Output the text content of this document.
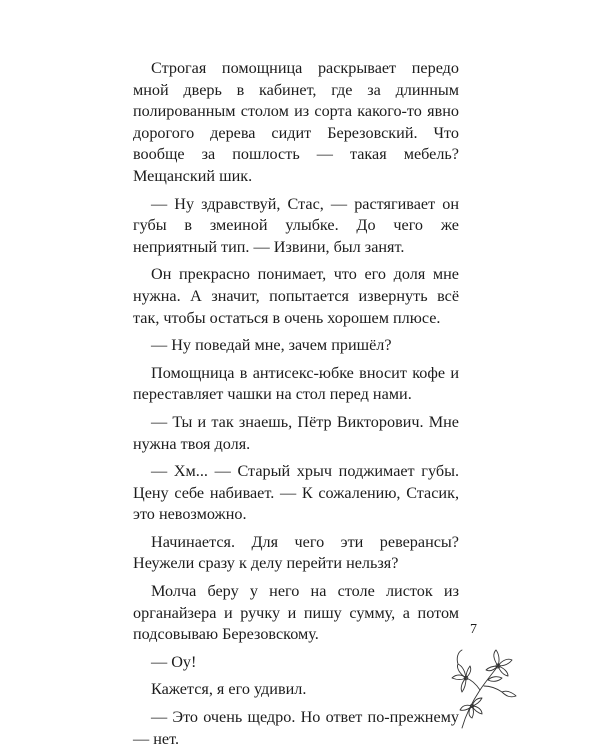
Строгая помощница раскрывает передо мной дверь в кабинет, где за длинным полированным столом из сорта какого-то явно дорогого дерева сидит Березовский. Что вообще за пошлость — такая мебель? Мещанский шик.

— Ну здравствуй, Стас, — растягивает он губы в змеиной улыбке. До чего же неприятный тип. — Извини, был занят.

Он прекрасно понимает, что его доля мне нужна. А значит, попытается извернуть всё так, чтобы остаться в очень хорошем плюсе.

— Ну поведай мне, зачем пришёл?

Помощница в антисекс-юбке вносит кофе и переставляет чашки на стол перед нами.

— Ты и так знаешь, Пётр Викторович. Мне нужна твоя доля.

— Хм... — Старый хрыч поджимает губы. Цену себе набивает. — К сожалению, Стасик, это невозможно.

Начинается. Для чего эти реверансы? Неужели сразу к делу перейти нельзя?

Молча беру у него на столе листок из органайзера и ручку и пишу сумму, а потом подсовываю Березовскому.

— Оу!

Кажется, я его удивил.

— Это очень щедро. Но ответ по-прежнему — нет.

7
